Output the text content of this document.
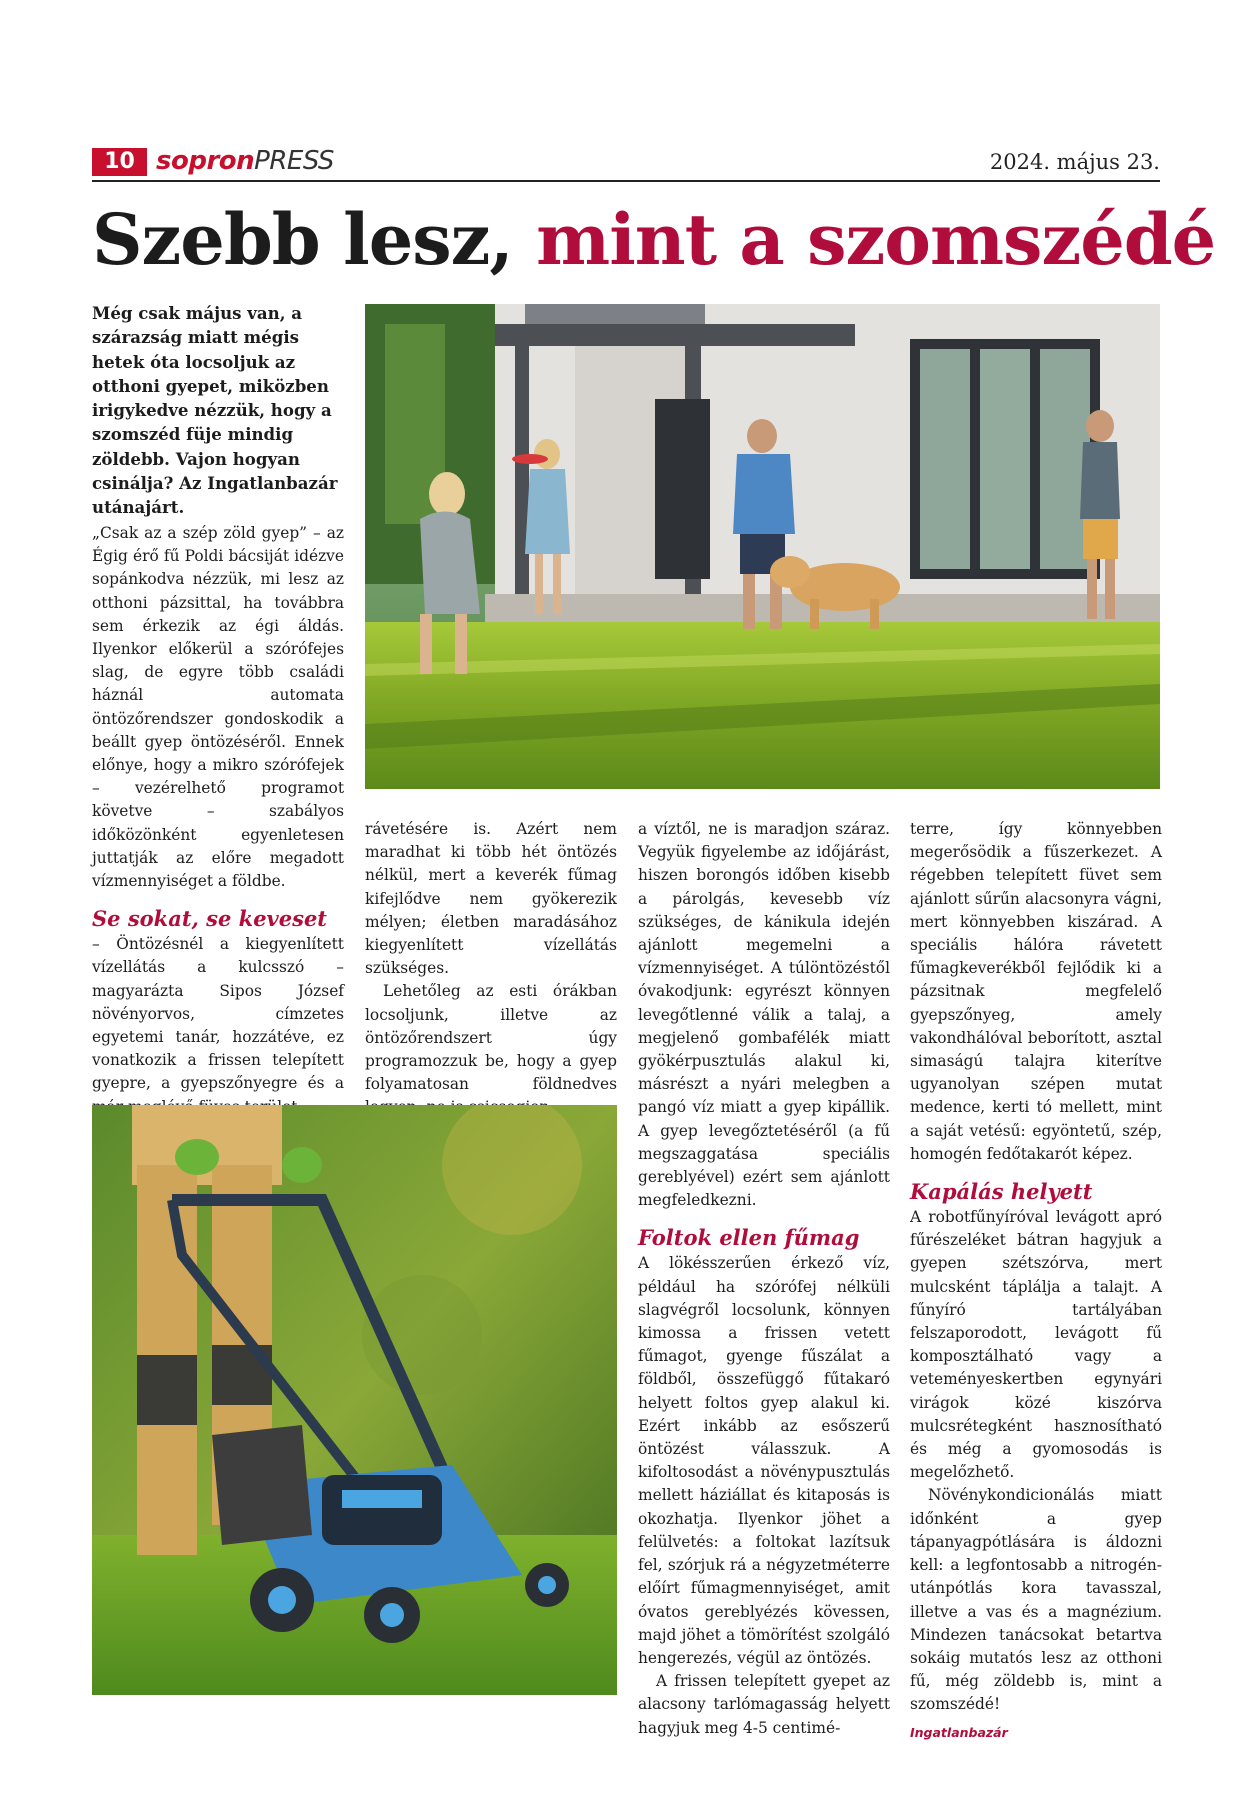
10 sopronPRESS	2024. május 23.
Szebb lesz, mint a szomszédé
Még csak május van, a szárazság miatt mégis hetek óta locsoljuk az otthoni gyepet, miközben irigykedve nézzük, hogy a szomszéd füje mindig zöldebb. Vajon hogyan csinálja? Az Ingatlanbazár utánajárt.

„Csak az a szép zöld gyep” – az Égig érő fű Poldi bácsiját idézve sopánkodva nézzük, mi lesz az otthoni pázsittal, ha továbbra sem érkezik az égi áldás. Ilyenkor előkerül a szórófejes slag, de egyre több családi háznál automata öntözőrendszer gondoskodik a beállt gyep öntözéséről. Ennek előnye, hogy a mikro szórófejek – vezérelhető programot követve – szabályos időközönként egyenletesen juttatják az előre megadott vízmennyiséget a földbe.

Se sokat, se keveset

– Öntözésnél a kiegyenlített vízellátás a kulcsszó – magyarázta Sipos József növényorvos, címzetes egyetemi tanár, hozzátéve, ez vonatkozik a frissen telepített gyepre, a gyepszőnyegre és a

rávetésére is. Azért nem maradhat ki több hét öntözés nélkül, mert a keverék fűmag kifejlődve nem gyökerezik mélyen; életben maradásához kiegyenlített vízellátás szükséges.

Lehetőleg az esti órákban locsoljunk, illetve az öntözőrendszert úgy programozzuk be, hogy a gyep folyamatosan földnedves

a víztől, ne is maradjon száraz. Vegyük figyelembe az időjárást, hiszen borongós időben kisebb a párolgás, kevesebb víz szükséges, de kánikula idején ajánlott megemelni a vízmennyiséget. A túlöntözéstől óvakodjunk: egyrészt könnyen levegőtlenné válik a talaj, a megjelenő gombafélék miatt gyökérpusztulás alakul ki, másrészt a nyári melegben a pangó víz miatt a gyep kipállik. A gyep levegőztetéséről (a fű megszaggatása speciális gereblyével) ezért sem ajánlott megfeledkezni.

Foltok ellen fűmag

A lökésszerűen érkező víz, például ha szórófej nélküli slagvégről locsolunk, könnyen kimossa a frissen vetett fűmagot, gyenge fűszálat a földből, összefüggő fűtakaró helyett foltos gyep alakul ki. Ezért inkább az esőszerű öntözést válasszuk. A kifoltosodást a növénypusztulás mellett háziállat és kitaposás is okozhatja. Ilyenkor jöhet a felülvetés: a foltokat lazítsuk fel, szórjuk rá a négyzetméterre előírt fűmagmennyiséget, amit óvatos gereblyézés kövessen, majd jöhet a tömörítést szolgáló hengerezés, végül az öntözés.

A frissen telepített gyepet az alacsony tarlómagasság helyett hagyjuk meg 4-5 centimé-

terre, így könnyebben megerősödik a fűszerkezet. A régebben telepített füvet sem ajánlott sűrűn alacsonyra vágni, mert könnyebben kiszárad. A speciális hálóra rávetett fűmagkeverékből fejlődik ki a pázsitnak megfelelő gyepszőnyeg, amely vakondhálóval beborított, asztal simaságú talajra kiterítve ugyanolyan szépen mutat medence, kerti tó mellett, mint a saját vetésű: egyöntetű, szép, homogén fedőtakarót képez.

Kapálás helyett

A robotfűnyíróval levágott apró fűrészeléket bátran hagyjuk a gyepen szétszórva, mert mulcsként táplálja a talajt. A fűnyíró tartályában felszaporodott, levágott fű komposztálható vagy a veteményeskertben egynyári virágok közé kiszórva mulcsrétegként hasznosítható és még a gyomosodás is megelőzhető.

Növénykondicionálás miatt időnként a gyep tápanyagpótlására is áldozni kell: a legfontosabb a nitrogén-utánpótlás kora tavasszal, illetve a vas és a magnézium. Mindezen tanácsokat betartva sokáig mutatós lesz az otthoni fű, még zöldebb is, mint a szomszédé!

Ingatlanbazár
